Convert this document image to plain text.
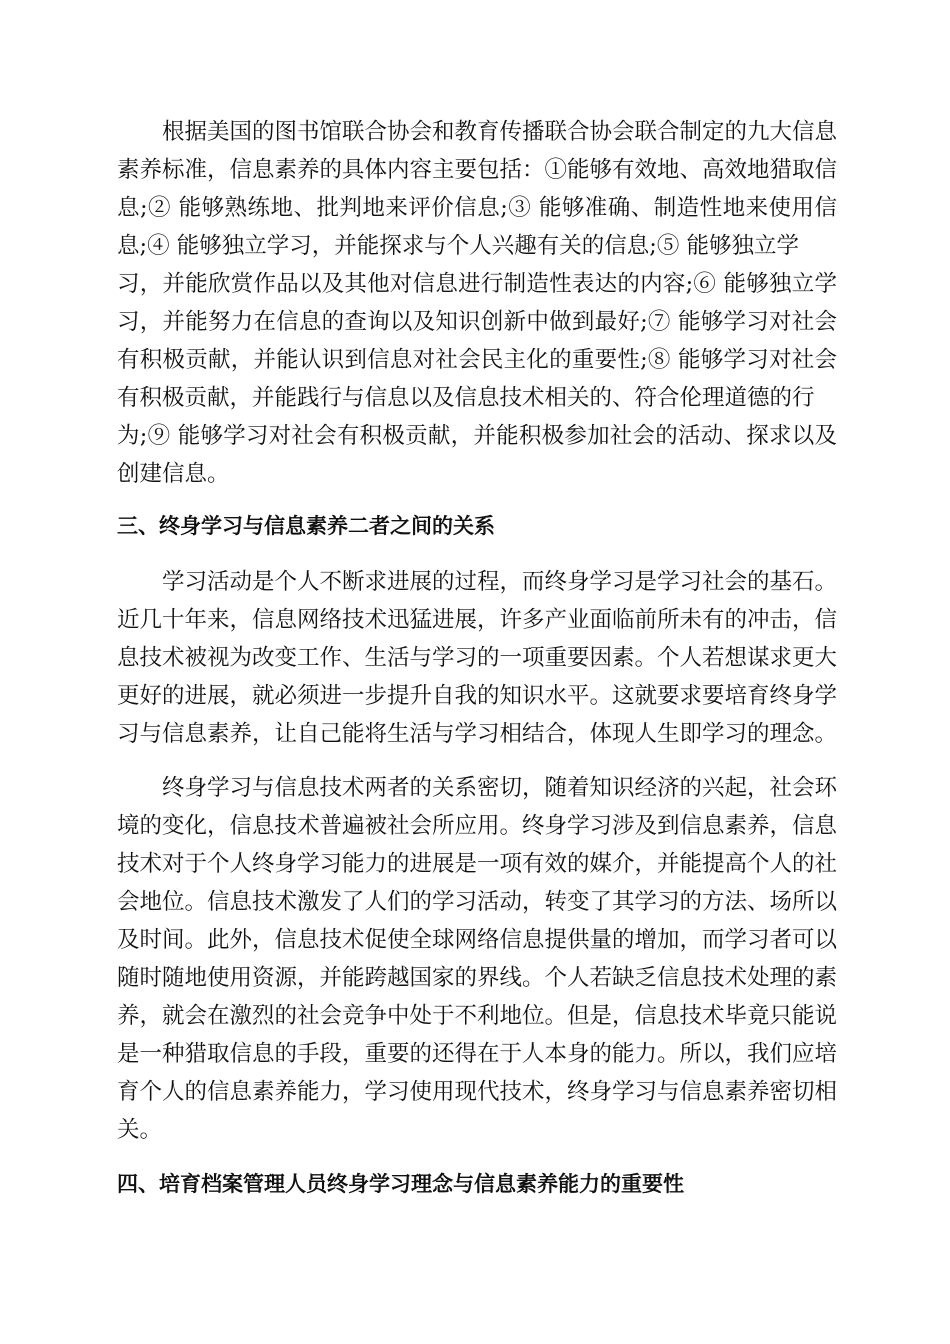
根据美国的图书馆联合协会和教育传播联合协会联合制定的九大信息
素养标准，信息素养的具体内容主要包括：①能够有效地、高效地猎取信
息;② 能够熟练地、批判地来评价信息;③ 能够准确、制造性地来使用信
息;④ 能够独立学习，并能探求与个人兴趣有关的信息;⑤ 能够独立学
习，并能欣赏作品以及其他对信息进行制造性表达的内容;⑥ 能够独立学
习，并能努力在信息的查询以及知识创新中做到最好;⑦ 能够学习对社会
有积极贡献，并能认识到信息对社会民主化的重要性;⑧ 能够学习对社会
有积极贡献，并能践行与信息以及信息技术相关的、符合伦理道德的行
为;⑨ 能够学习对社会有积极贡献，并能积极参加社会的活动、探求以及
创建信息。
三、终身学习与信息素养二者之间的关系
学习活动是个人不断求进展的过程，而终身学习是学习社会的基石。
近几十年来，信息网络技术迅猛进展，许多产业面临前所未有的冲击，信
息技术被视为改变工作、生活与学习的一项重要因素。个人若想谋求更大
更好的进展，就必须进一步提升自我的知识水平。这就要求要培育终身学
习与信息素养，让自己能将生活与学习相结合，体现人生即学习的理念。
终身学习与信息技术两者的关系密切，随着知识经济的兴起，社会环
境的变化，信息技术普遍被社会所应用。终身学习涉及到信息素养，信息
技术对于个人终身学习能力的进展是一项有效的媒介，并能提高个人的社
会地位。信息技术激发了人们的学习活动，转变了其学习的方法、场所以
及时间。此外，信息技术促使全球网络信息提供量的增加，而学习者可以
随时随地使用资源，并能跨越国家的界线。个人若缺乏信息技术处理的素
养，就会在激烈的社会竞争中处于不利地位。但是，信息技术毕竟只能说
是一种猎取信息的手段，重要的还得在于人本身的能力。所以，我们应培
育个人的信息素养能力，学习使用现代技术，终身学习与信息素养密切相
关。
四、培育档案管理人员终身学习理念与信息素养能力的重要性
